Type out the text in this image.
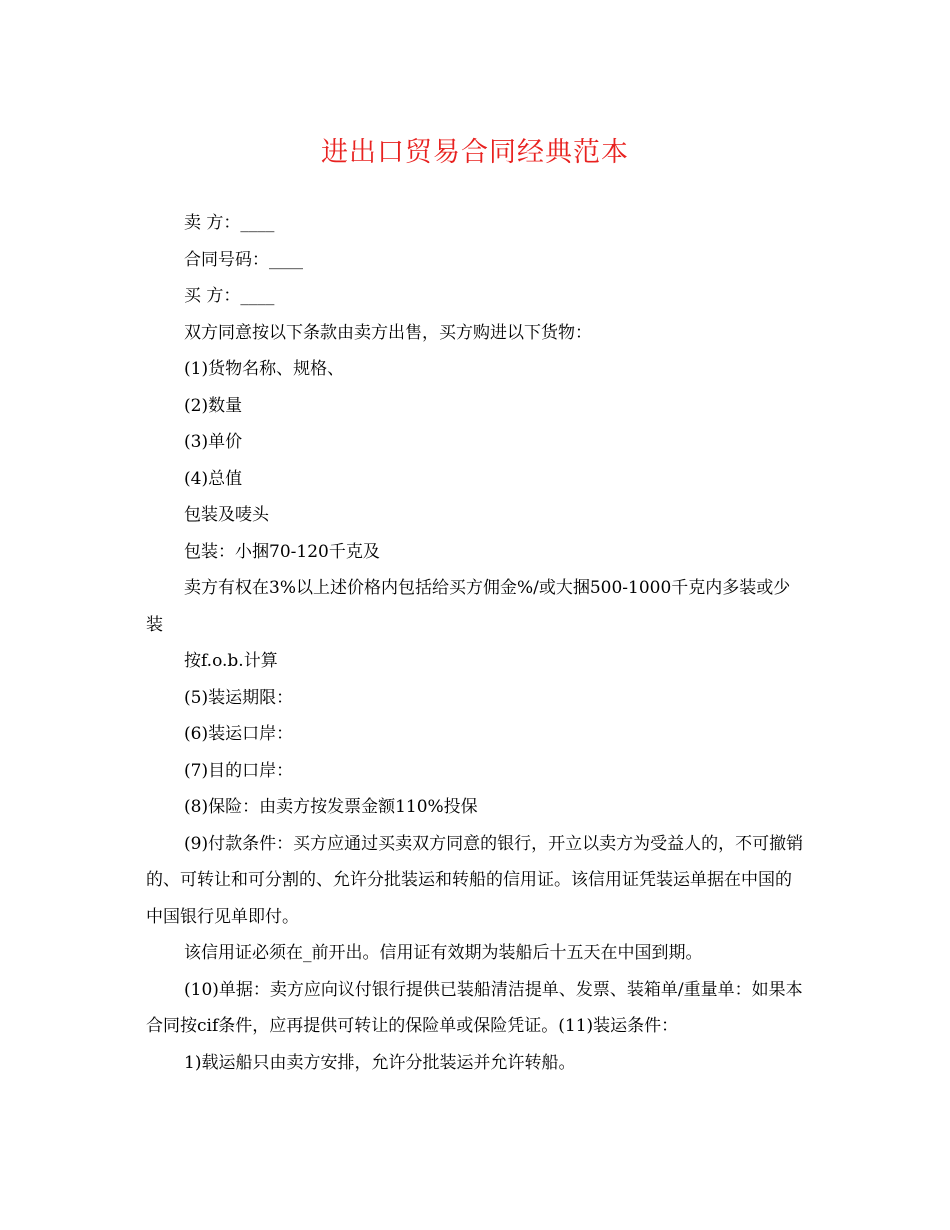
进出口贸易合同经典范本

卖 方：____

合同号码：____

买 方：____

双方同意按以下条款由卖方出售，买方购进以下货物：

(1)货物名称、规格、

(2)数量

(3)单价

(4)总值

包装及唛头

包装：小捆70-120千克及

卖方有权在3%以上述价格内包括给买方佣金%/或大捆500-1000千克内多装或少装

按f.o.b.计算

(5)装运期限：

(6)装运口岸：

(7)目的口岸：

(8)保险：由卖方按发票金额110%投保

(9)付款条件：买方应通过买卖双方同意的银行，开立以卖方为受益人的，不可撤销的、可转让和可分割的、允许分批装运和转船的信用证。该信用证凭装运单据在中国的中国银行见单即付。

该信用证必须在_前开出。信用证有效期为装船后十五天在中国到期。

(10)单据：卖方应向议付银行提供已装船清洁提单、发票、装箱单/重量单：如果本合同按cif条件，应再提供可转让的保险单或保险凭证。(11)装运条件：

1)载运船只由卖方安排，允许分批装运并允许转船。
